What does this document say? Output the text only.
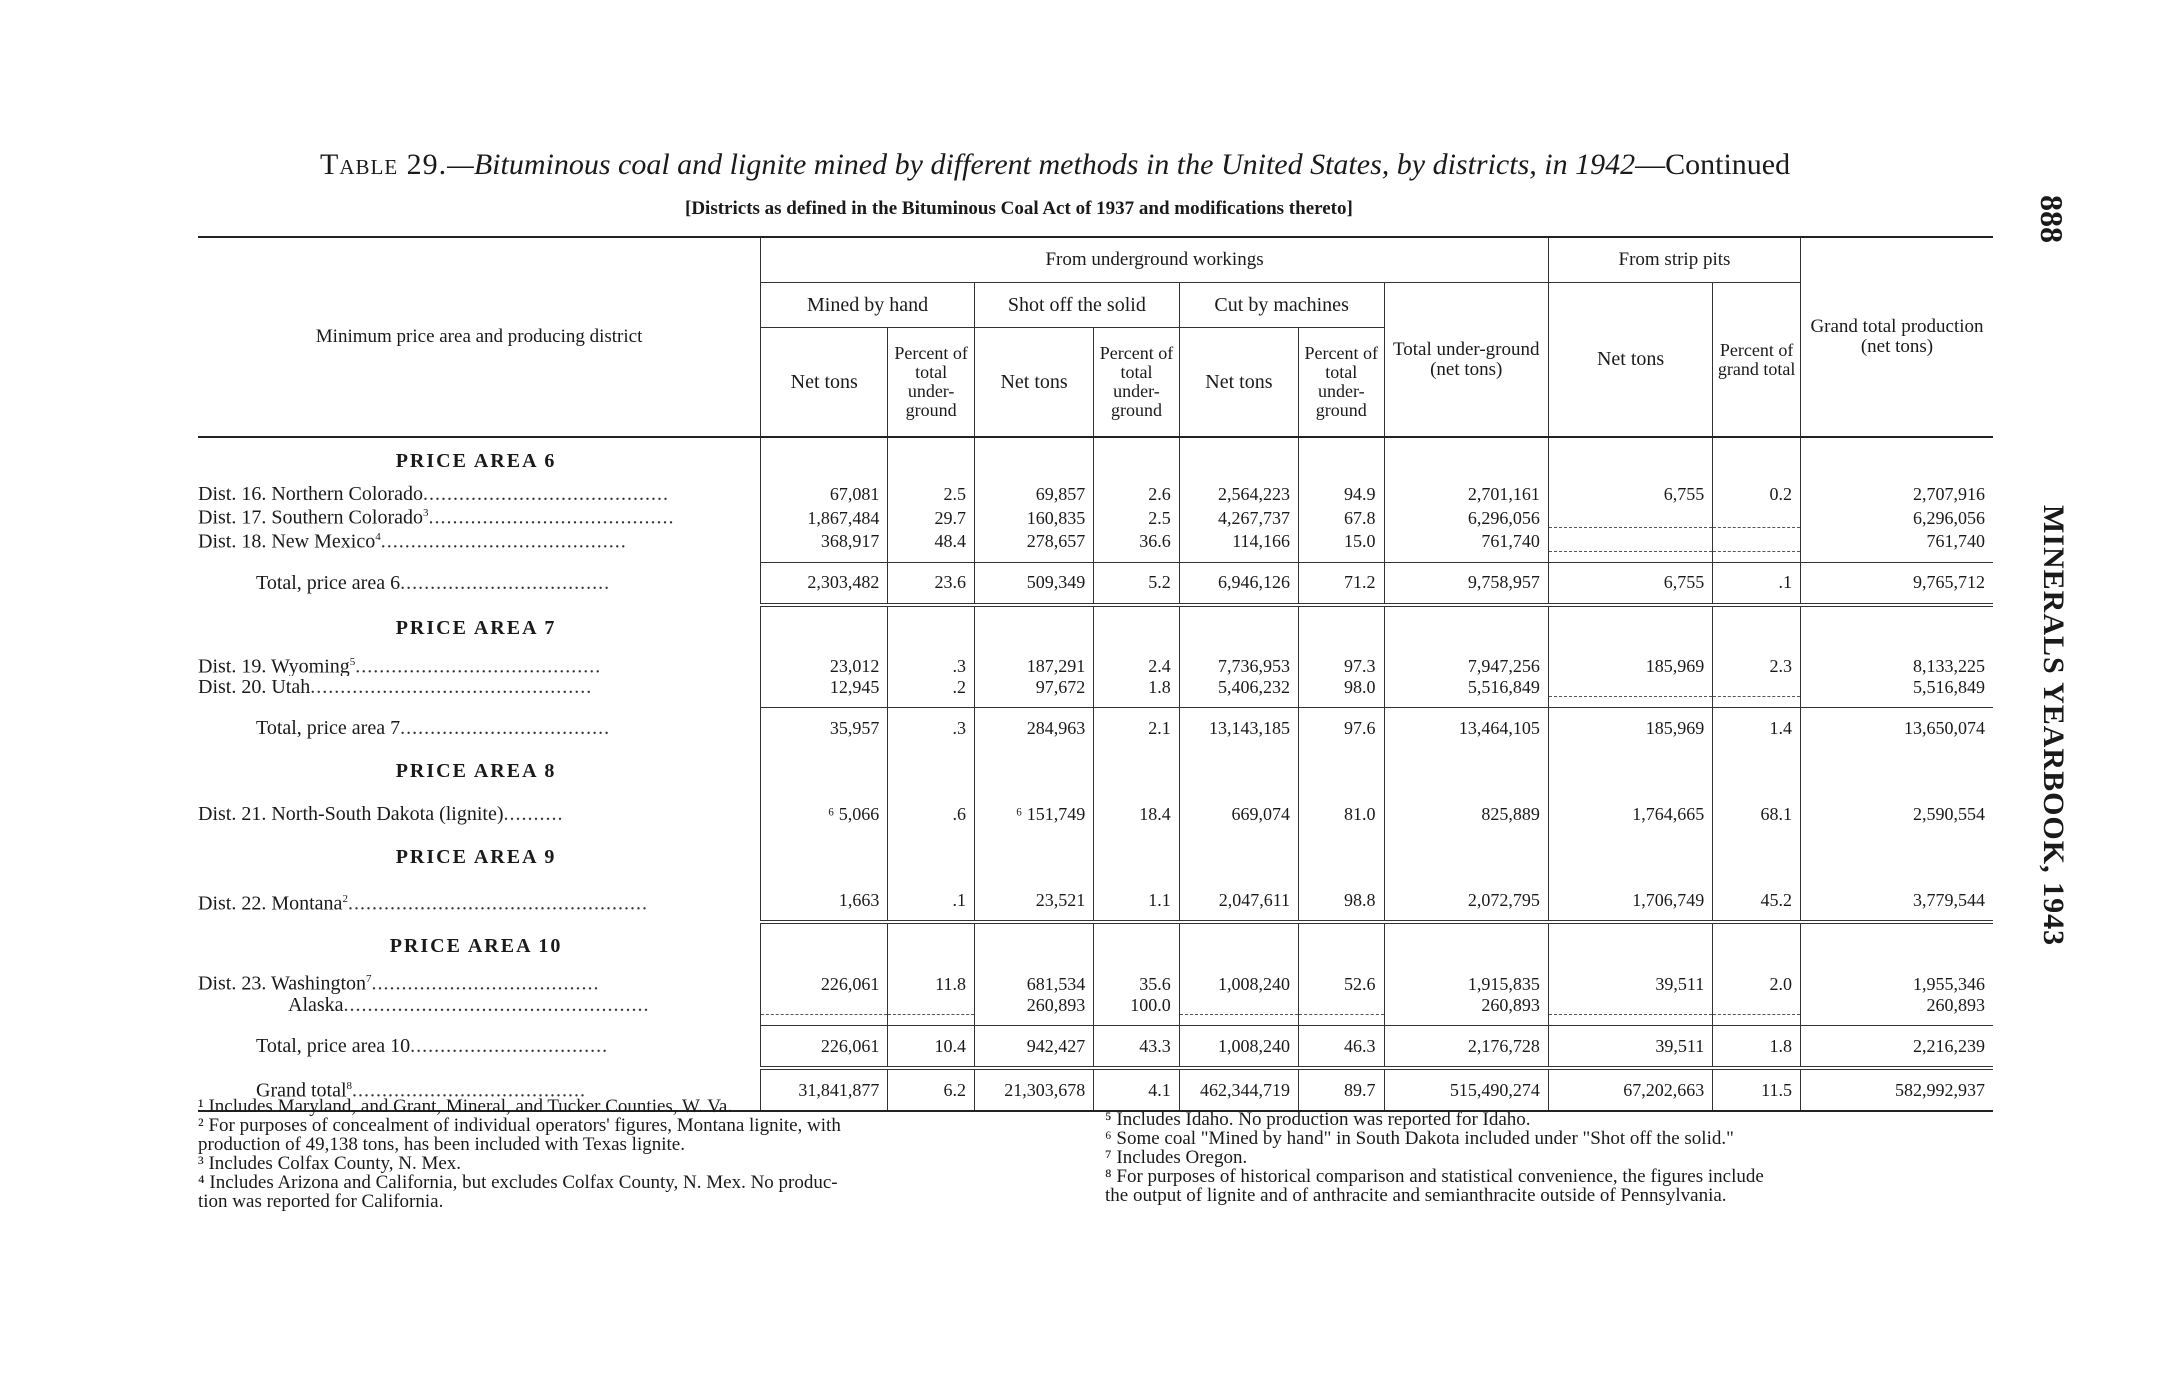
Table 29.—Bituminous coal and lignite mined by different methods in the United States, by districts, in 1942—Continued
[Districts as defined in the Bituminous Coal Act of 1937 and modifications thereto]	888
MINERALS YEARBOOK, 1943
Minimum price area and producing district	From underground workings							From strip pits		Grand total production (net tons)
	Mined by hand		Shot off the solid		Cut by machines		Total under-ground (net tons)	Net tons	Percent of grand total	
	Net tons	Percent of total under-ground	Net tons	Percent of total under-ground	Net tons	Percent of total under-ground				
PRICE AREA 6										
Dist. 16. Northern Colorado.........................................	67,081	2.5	69,857	2.6	2,564,223	94.9	2,701,161	6,755	0.2	2,707,916
Dist. 17. Southern Colorado$^3$.........................................	1,867,484	29.7	160,835	2.5	4,267,737	67.8	6,296,056			6,296,056
Dist. 18. New Mexico$^4$.........................................	368,917	48.4	278,657	36.6	114,166	15.0	761,740			761,740

Total, price area 6...................................	2,303,482	23.6	509,349	5.2	6,946,126	71.2	9,758,957	6,755	.1	9,765,712
PRICE AREA 7										
Dist. 19. Wyoming$^5$.........................................	23,012	.3	187,291	2.4	7,736,953	97.3	7,947,256	185,969	2.3	8,133,225
Dist. 20. Utah...............................................	12,945	.2	97,672	1.8	5,406,232	98.0	5,516,849			5,516,849

Total, price area 7...................................	35,957	.3	284,963	2.1	13,143,185	97.6	13,464,105	185,969	1.4	13,650,074
PRICE AREA 8										
Dist. 21. North-South Dakota (lignite)..........	⁶ 5,066	.6	⁶ 151,749	18.4	669,074	81.0	825,889	1,764,665	68.1	2,590,554
PRICE AREA 9										
Dist. 22. Montana$^2$..................................................	1,663	.1	23,521	1.1	2,047,611	98.8	2,072,795	1,706,749	45.2	3,779,544
PRICE AREA 10										
Dist. 23. Washington$^7$......................................	226,061	11.8	681,534	35.6	1,008,240	52.6	1,915,835	39,511	2.0	1,955,346
Alaska...................................................			260,893	100.0			260,893			260,893

Total, price area 10.................................	226,061	10.4	942,427	43.3	1,008,240	46.3	2,176,728	39,511	1.8	2,216,239
Grand total$^8$.......................................	31,841,877	6.2	21,303,678	4.1	462,344,719	89.7	515,490,274	67,202,663	11.5	582,992,937

¹ Includes Maryland, and Grant, Mineral, and Tucker Counties, W. Va.

² For purposes of concealment of individual operators' figures, Montana lignite, with

production of 49,138 tons, has been included with Texas lignite.

³ Includes Colfax County, N. Mex.

⁴ Includes Arizona and California, but excludes Colfax County, N. Mex. No produc-

tion was reported for California.

⁵ Includes Idaho. No production was reported for Idaho.

⁶ Some coal "Mined by hand" in South Dakota included under "Shot off the solid."

⁷ Includes Oregon.

⁸ For purposes of historical comparison and statistical convenience, the figures include

the output of lignite and of anthracite and semianthracite outside of Pennsylvania.
